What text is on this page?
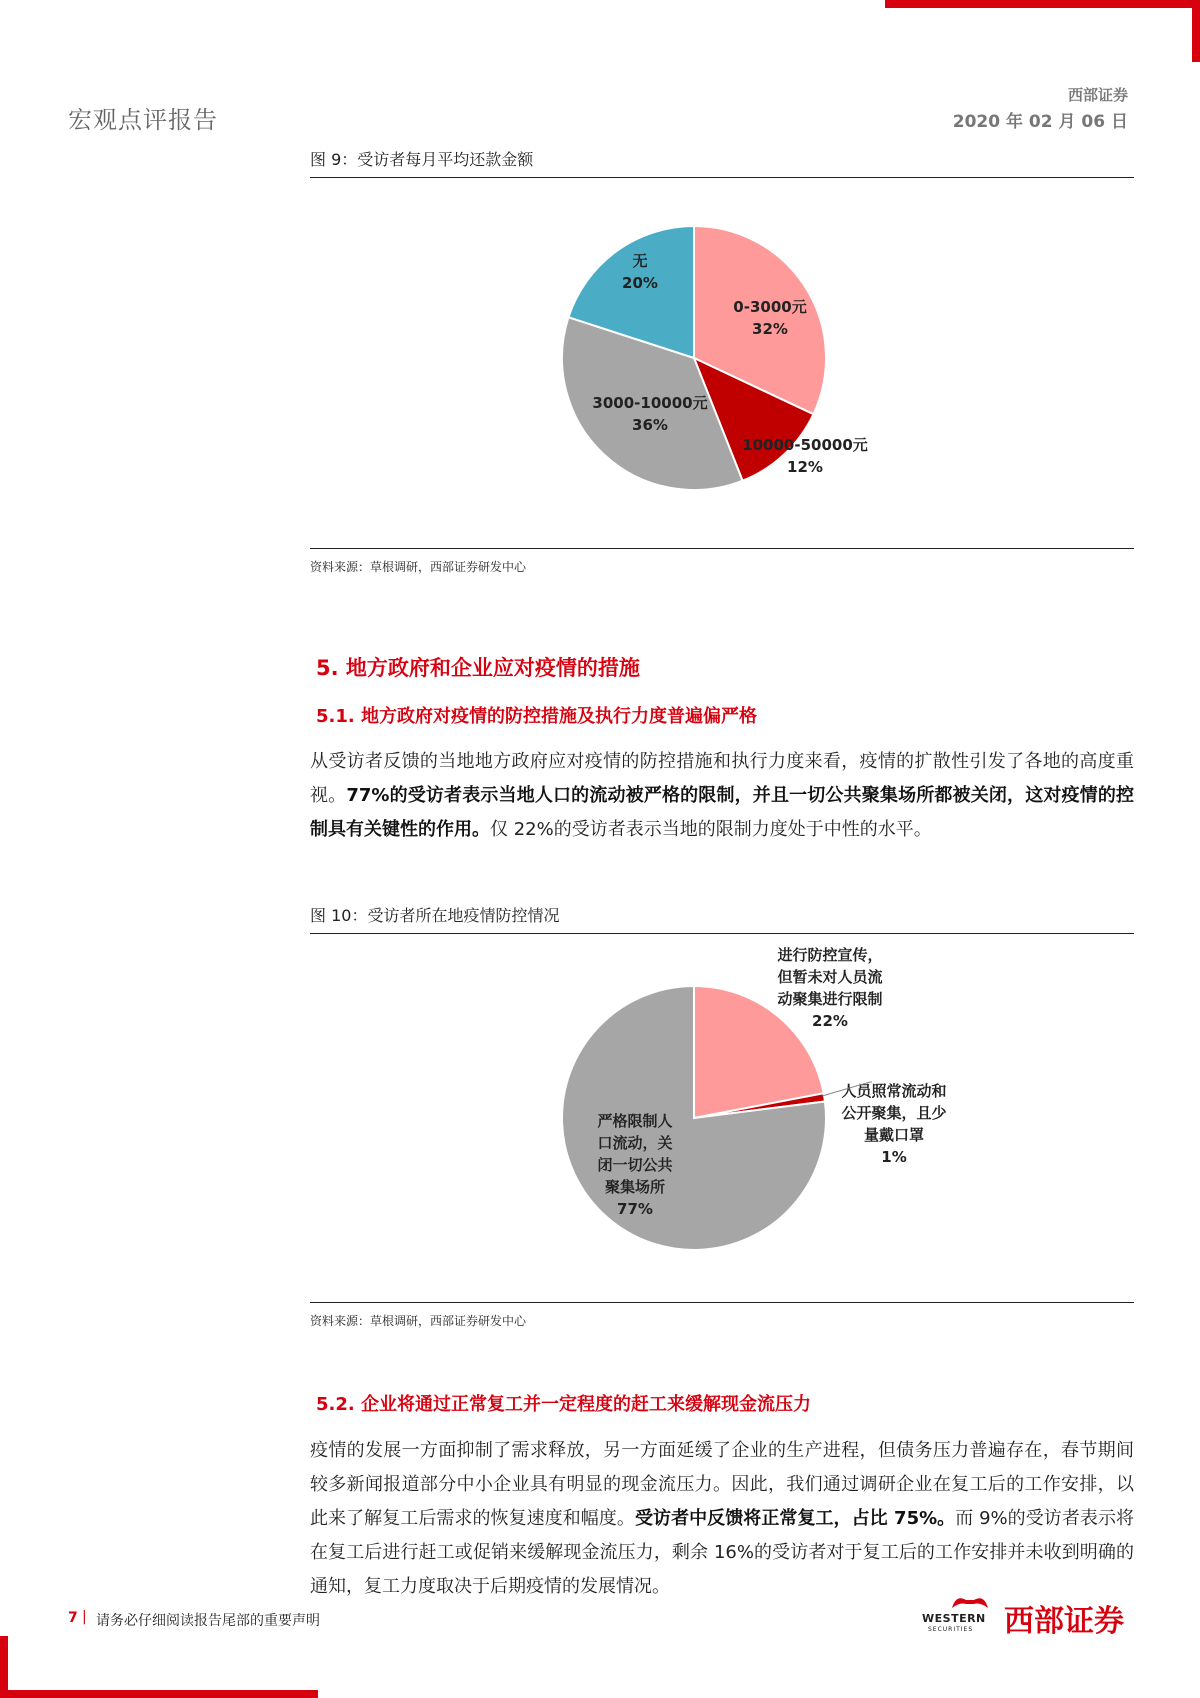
宏观点评报告
西部证券
2020 年 02 月 06 日
图 9：受访者每月平均还款金额
0-3000元 32%
10000-50000元 12%
3000-10000元 36%
无 20%
资料来源：草根调研，西部证券研发中心
5. 地方政府和企业应对疫情的措施
5.1. 地方政府对疫情的防控措施及执行力度普遍偏严格
从受访者反馈的当地地方政府应对疫情的防控措施和执行力度来看，疫情的扩散性引发了各地的高度重视。77%的受访者表示当地人口的流动被严格的限制，并且一切公共聚集场所都被关闭，这对疫情的控制具有关键性的作用。仅 22%的受访者表示当地的限制力度处于中性的水平。
图 10：受访者所在地疫情防控情况
进行防控宣传，但暂未对人员流动聚集进行限制 22%
人员照常流动和公开聚集，且少量戴口罩 1%
严格限制人口流动，关闭一切公共聚集场所 77%
资料来源：草根调研，西部证券研发中心
5.2. 企业将通过正常复工并一定程度的赶工来缓解现金流压力
疫情的发展一方面抑制了需求释放，另一方面延缓了企业的生产进程，但债务压力普遍存在，春节期间较多新闻报道部分中小企业具有明显的现金流压力。因此，我们通过调研企业在复工后的工作安排，以此来了解复工后需求的恢复速度和幅度。受访者中反馈将正常复工，占比 75%。而 9%的受访者表示将在复工后进行赶工或促销来缓解现金流压力，剩余 16%的受访者对于复工后的工作安排并未收到明确的通知，复工力度取决于后期疫情的发展情况。
7 | 请务必仔细阅读报告尾部的重要声明	WESTERN
SECURITIES 西部证券
